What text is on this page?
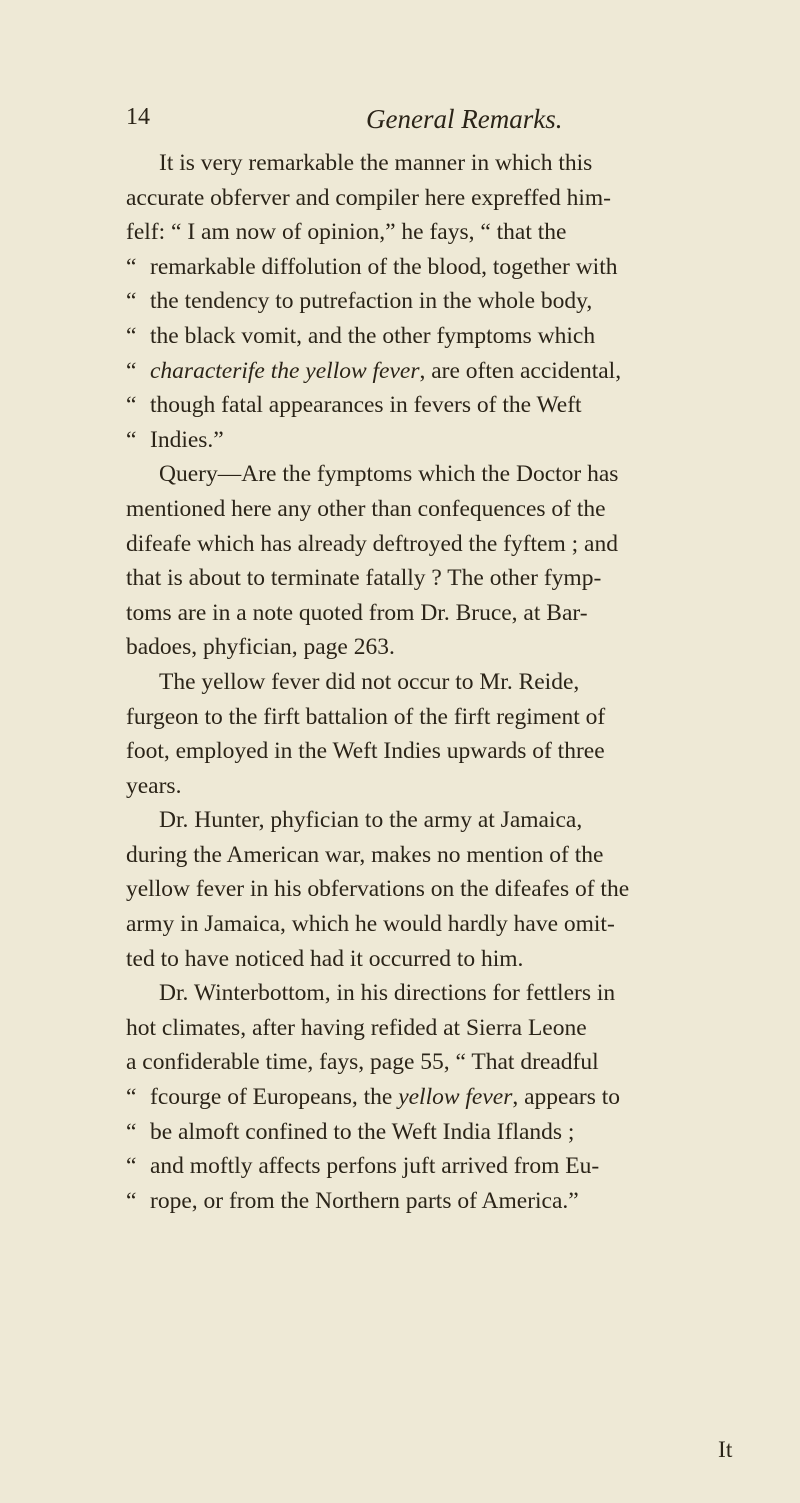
14	General Remarks.
It is very remarkable the manner in which this
accurate obferver and compiler here expreffed him-
felf: “ I am now of opinion,” he fays, “ that the
“ remarkable diffolution of the blood, together with
“ the tendency to putrefaction in the whole body,
“ the black vomit, and the other fymptoms which
“ characterife the yellow fever, are often accidental,
“ though fatal appearances in fevers of the Weft
“ Indies.”
Query—Are the fymptoms which the Doctor has
mentioned here any other than confequences of the
difeafe which has already deftroyed the fyftem ; and
that is about to terminate fatally ? The other fymp-
toms are in a note quoted from Dr. Bruce, at Bar-
badoes, phyfician, page 263.
The yellow fever did not occur to Mr. Reide,
furgeon to the firft battalion of the firft regiment of
foot, employed in the Weft Indies upwards of three
years.
Dr. Hunter, phyfician to the army at Jamaica,
during the American war, makes no mention of the
yellow fever in his obfervations on the difeafes of the
army in Jamaica, which he would hardly have omit-
ted to have noticed had it occurred to him.
Dr. Winterbottom, in his directions for fettlers in
hot climates, after having refided at Sierra Leone
a confiderable time, fays, page 55, “ That dreadful
“ fcourge of Europeans, the yellow fever, appears to
“ be almoft confined to the Weft India Iflands ;
“ and moftly affects perfons juft arrived from Eu-
“ rope, or from the Northern parts of America.”
It
